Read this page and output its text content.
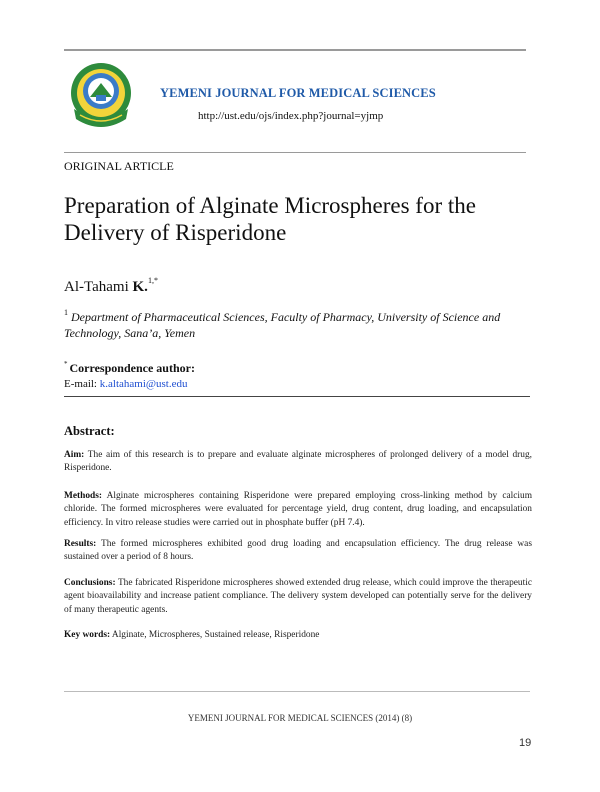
YEMENI JOURNAL FOR MEDICAL SCIENCES
http://ust.edu/ojs/index.php?journal=yjmp
ORIGINAL ARTICLE
Preparation of Alginate Microspheres for the
Delivery of Risperidone
Al-Tahami K.$^{1,*}$
$^1$ Department of Pharmaceutical Sciences, Faculty of Pharmacy, University of Science and Technology, Sana’a, Yemen
* Correspondence author:
E-mail: k.altahami@ust.edu
Abstract:
Aim: The aim of this research is to prepare and evaluate alginate microspheres of prolonged delivery of a model drug, Risperidone.
Methods: Alginate microspheres containing Risperidone were prepared employing cross-linking method by calcium chloride. The formed microspheres were evaluated for percentage yield, drug content, drug loading, and encapsulation efficiency. In vitro release studies were carried out in phosphate buffer (pH 7.4).
Results: The formed microspheres exhibited good drug loading and encapsulation efficiency. The drug release was sustained over a period of 8 hours.
Conclusions: The fabricated Risperidone microspheres showed extended drug release, which could improve the therapeutic agent bioavailability and increase patient compliance. The delivery system developed can potentially serve for the delivery of many therapeutic agents.
Key words: Alginate, Microspheres, Sustained release, Risperidone
YEMENI JOURNAL FOR MEDICAL SCIENCES (2014) (8)
19
